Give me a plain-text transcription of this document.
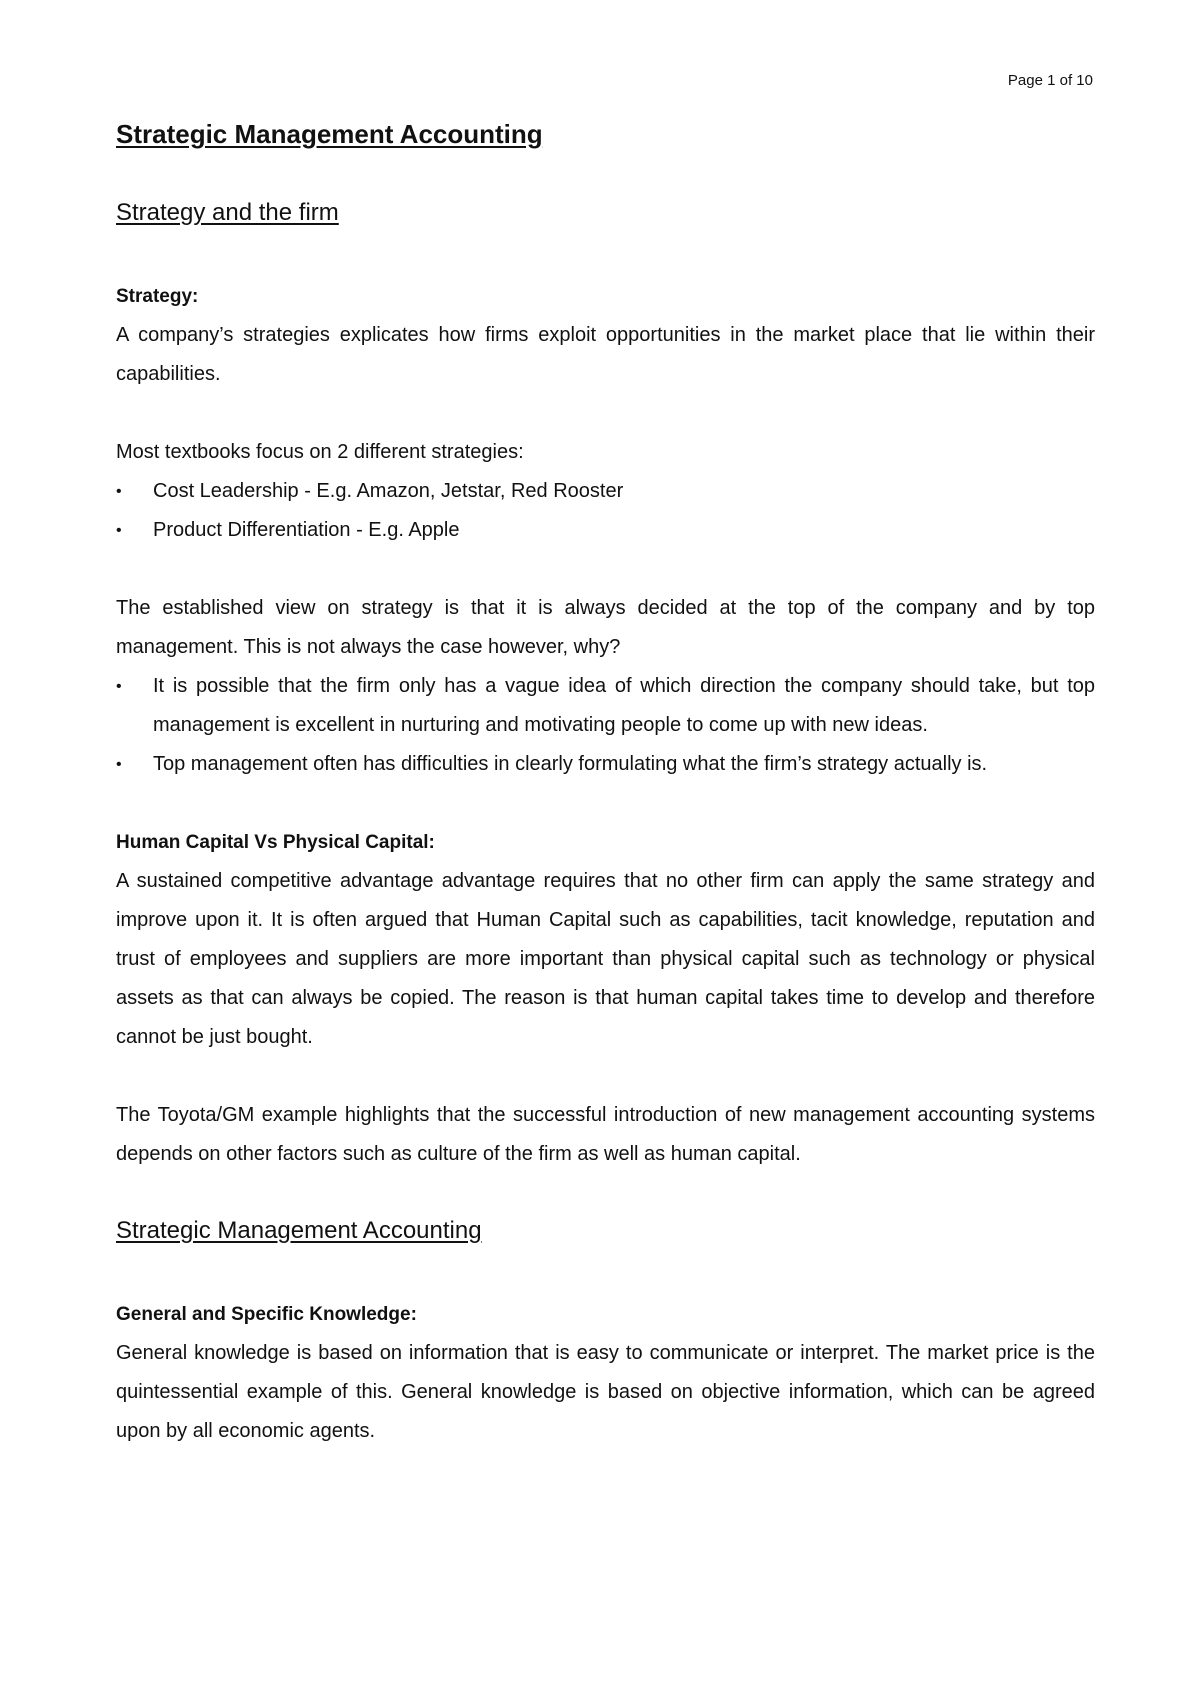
Page 1 of 10
Strategic Management Accounting
Strategy and the firm
Strategy:

A company’s strategies explicates how firms exploit opportunities in the market place that lie within their capabilities.

Most textbooks focus on 2 different strategies:

• Cost Leadership - E.g. Amazon, Jetstar, Red Rooster
• Product Differentiation - E.g. Apple

The established view on strategy is that it is always decided at the top of the company and by top management. This is not always the case however, why?

• It is possible that the firm only has a vague idea of which direction the company should take, but top management is excellent in nurturing and motivating people to come up with new ideas.
• Top management often has difficulties in clearly formulating what the firm’s strategy actually is.
Human Capital Vs Physical Capital:

A sustained competitive advantage advantage requires that no other firm can apply the same strategy and improve upon it. It is often argued that Human Capital such as capabilities, tacit knowledge, reputation and trust of employees and suppliers are more important than physical capital such as technology or physical assets as that can always be copied. The reason is that human capital takes time to develop and therefore cannot be just bought.

The Toyota/GM example highlights that the successful introduction of new management accounting systems depends on other factors such as culture of the firm as well as human capital.

Strategic Management Accounting
General and Specific Knowledge:

General knowledge is based on information that is easy to communicate or interpret. The market price is the quintessential example of this. General knowledge is based on objective information, which can be agreed upon by all economic agents.
